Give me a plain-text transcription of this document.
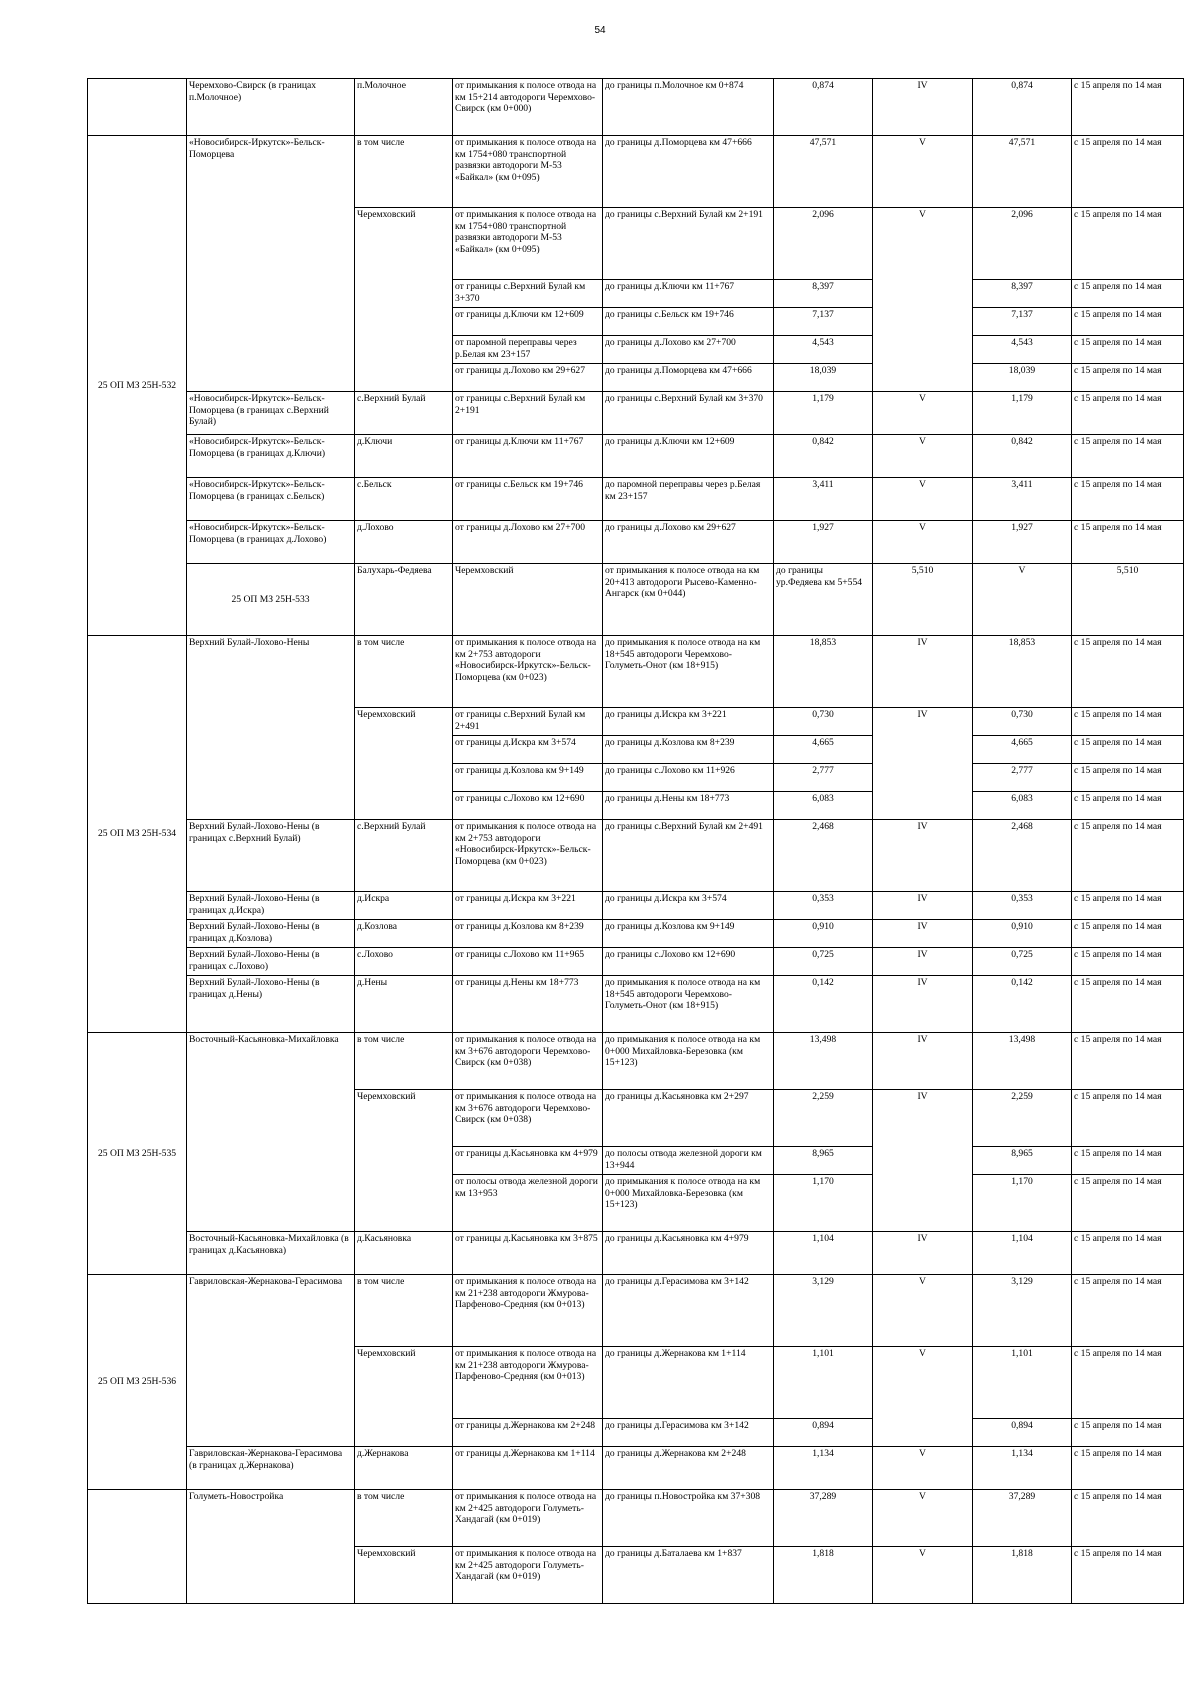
54
	Черемхово-Свирск (в границах п.Молочное)	п.Молочное	от примыкания к полосе отвода на км 15+214 автодороги Черемхово-Свирск (км 0+000)	до границы п.Молочное км 0+874	0,874	IV	0,874	с 15 апреля по 14 мая	
25 ОП МЗ 25Н-532	«Новосибирск-Иркутск»-Бельск-Поморцева	в том числе	от примыкания к полосе отвода на км 1754+080 транспортной развязки автодороги М-53 «Байкал» (км 0+095)	до границы д.Поморцева км 47+666	47,571	V	47,571	с 15 апреля по 14 мая	
		Черемховский	от примыкания к полосе отвода на км 1754+080 транспортной развязки автодороги М-53 «Байкал» (км 0+095)	до границы с.Верхний Булай км 2+191	2,096	V	2,096	с 15 апреля по 14 мая	
			от границы с.Верхний Булай км 3+370	до границы д.Ключи км 11+767	8,397		8,397	с 15 апреля по 14 мая	
			от границы д.Ключи км 12+609	до границы с.Бельск км 19+746	7,137		7,137	с 15 апреля по 14 мая	
			от паромной переправы через р.Белая км 23+157	до границы д.Лохово км 27+700	4,543		4,543	с 15 апреля по 14 мая	
			от границы д.Лохово км 29+627	до границы д.Поморцева км 47+666	18,039		18,039	с 15 апреля по 14 мая	
	«Новосибирск-Иркутск»-Бельск-Поморцева (в границах с.Верхний Булай)	с.Верхний Булай	от границы с.Верхний Булай км 2+191	до границы с.Верхний Булай км 3+370	1,179	V	1,179	с 15 апреля по 14 мая	
	«Новосибирск-Иркутск»-Бельск-Поморцева (в границах д.Ключи)	д.Ключи	от границы д.Ключи км 11+767	до границы д.Ключи км 12+609	0,842	V	0,842	с 15 апреля по 14 мая	
	«Новосибирск-Иркутск»-Бельск-Поморцева (в границах с.Бельск)	с.Бельск	от границы с.Бельск км 19+746	до паромной переправы через р.Белая км 23+157	3,411	V	3,411	с 15 апреля по 14 мая	
	«Новосибирск-Иркутск»-Бельск-Поморцева (в границах д.Лохово)	д.Лохово	от границы д.Лохово км 27+700	до границы д.Лохово км 29+627	1,927	V	1,927	с 15 апреля по 14 мая	
	25 ОП МЗ 25Н-533	Балухарь-Федяева	Черемховский	от примыкания к полосе отвода на км 20+413 автодороги Рысево-Каменно-Ангарск (км 0+044)	до границы ур.Федяева км 5+554	5,510	V	5,510	
25 ОП МЗ 25Н-534	Верхний Булай-Лохово-Нены	в том числе	от примыкания к полосе отвода на км 2+753 автодороги «Новосибирск-Иркутск»-Бельск-Поморцева (км 0+023)	до примыкания к полосе отвода на км 18+545 автодороги Черемхово-Голуметь-Онот (км 18+915)	18,853	IV	18,853	с 15 апреля по 14 мая	
		Черемховский	от границы с.Верхний Булай км 2+491	до границы д.Искра км 3+221	0,730	IV	0,730	с 15 апреля по 14 мая	
			от границы д.Искра км 3+574	до границы д.Козлова км 8+239	4,665		4,665	с 15 апреля по 14 мая	
			от границы д.Козлова км 9+149	до границы с.Лохово км 11+926	2,777		2,777	с 15 апреля по 14 мая	
			от границы с.Лохово км 12+690	до границы д.Нены км 18+773	6,083		6,083	с 15 апреля по 14 мая	
	Верхний Булай-Лохово-Нены (в границах с.Верхний Булай)	с.Верхний Булай	от примыкания к полосе отвода на км 2+753 автодороги «Новосибирск-Иркутск»-Бельск-Поморцева (км 0+023)	до границы с.Верхний Булай км 2+491	2,468	IV	2,468	с 15 апреля по 14 мая	
	Верхний Булай-Лохово-Нены (в границах д.Искра)	д.Искра	от границы д.Искра км 3+221	до границы д.Искра км 3+574	0,353	IV	0,353	с 15 апреля по 14 мая	
	Верхний Булай-Лохово-Нены (в границах д.Козлова)	д.Козлова	от границы д.Козлова км 8+239	до границы д.Козлова км 9+149	0,910	IV	0,910	с 15 апреля по 14 мая	
	Верхний Булай-Лохово-Нены (в границах с.Лохово)	с.Лохово	от границы с.Лохово км 11+965	до границы с.Лохово км 12+690	0,725	IV	0,725	с 15 апреля по 14 мая	
	Верхний Булай-Лохово-Нены (в границах д.Нены)	д.Нены	от границы д.Нены км 18+773	до примыкания к полосе отвода на км 18+545 автодороги Черемхово-Голуметь-Онот (км 18+915)	0,142	IV	0,142	с 15 апреля по 14 мая	
25 ОП МЗ 25Н-535	Восточный-Касьяновка-Михайловка	в том числе	от примыкания к полосе отвода на км 3+676 автодороги Черемхово-Свирск (км 0+038)	до примыкания к полосе отвода на км 0+000 Михайловка-Березовка (км 15+123)	13,498	IV	13,498	с 15 апреля по 14 мая	
		Черемховский	от примыкания к полосе отвода на км 3+676 автодороги Черемхово-Свирск (км 0+038)	до границы д.Касьяновка км 2+297	2,259	IV	2,259	с 15 апреля по 14 мая	
			от границы д.Касьяновка км 4+979	до полосы отвода железной дороги км 13+944	8,965		8,965	с 15 апреля по 14 мая	
			от полосы отвода железной дороги км 13+953	до примыкания к полосе отвода на км 0+000 Михайловка-Березовка (км 15+123)	1,170		1,170	с 15 апреля по 14 мая	
	Восточный-Касьяновка-Михайловка (в границах д.Касьяновка)	д.Касьяновка	от границы д.Касьяновка км 3+875	до границы д.Касьяновка км 4+979	1,104	IV	1,104	с 15 апреля по 14 мая	
25 ОП МЗ 25Н-536	Гавриловская-Жернакова-Герасимова	в том числе	от примыкания к полосе отвода на км 21+238 автодороги Жмурова-Парфеново-Средняя (км 0+013)	до границы д.Герасимова км 3+142	3,129	V	3,129	с 15 апреля по 14 мая	
		Черемховский	от примыкания к полосе отвода на км 21+238 автодороги Жмурова-Парфеново-Средняя (км 0+013)	до границы д.Жернакова км 1+114	1,101	V	1,101	с 15 апреля по 14 мая	
			от границы д.Жернакова км 2+248	до границы д.Герасимова км 3+142	0,894		0,894	с 15 апреля по 14 мая	
	Гавриловская-Жернакова-Герасимова (в границах д.Жернакова)	д.Жернакова	от границы д.Жернакова км 1+114	до границы д.Жернакова км 2+248	1,134	V	1,134	с 15 апреля по 14 мая	
	Голуметь-Новостройка	в том числе	от примыкания к полосе отвода на км 2+425 автодороги Голуметь-Хандагай (км 0+019)	до границы п.Новостройка км 37+308	37,289	V	37,289	с 15 апреля по 14 мая	
		Черемховский	от примыкания к полосе отвода на км 2+425 автодороги Голуметь-Хандагай (км 0+019)	до границы д.Баталаева км 1+837	1,818	V	1,818	с 15 апреля по 14 мая	
